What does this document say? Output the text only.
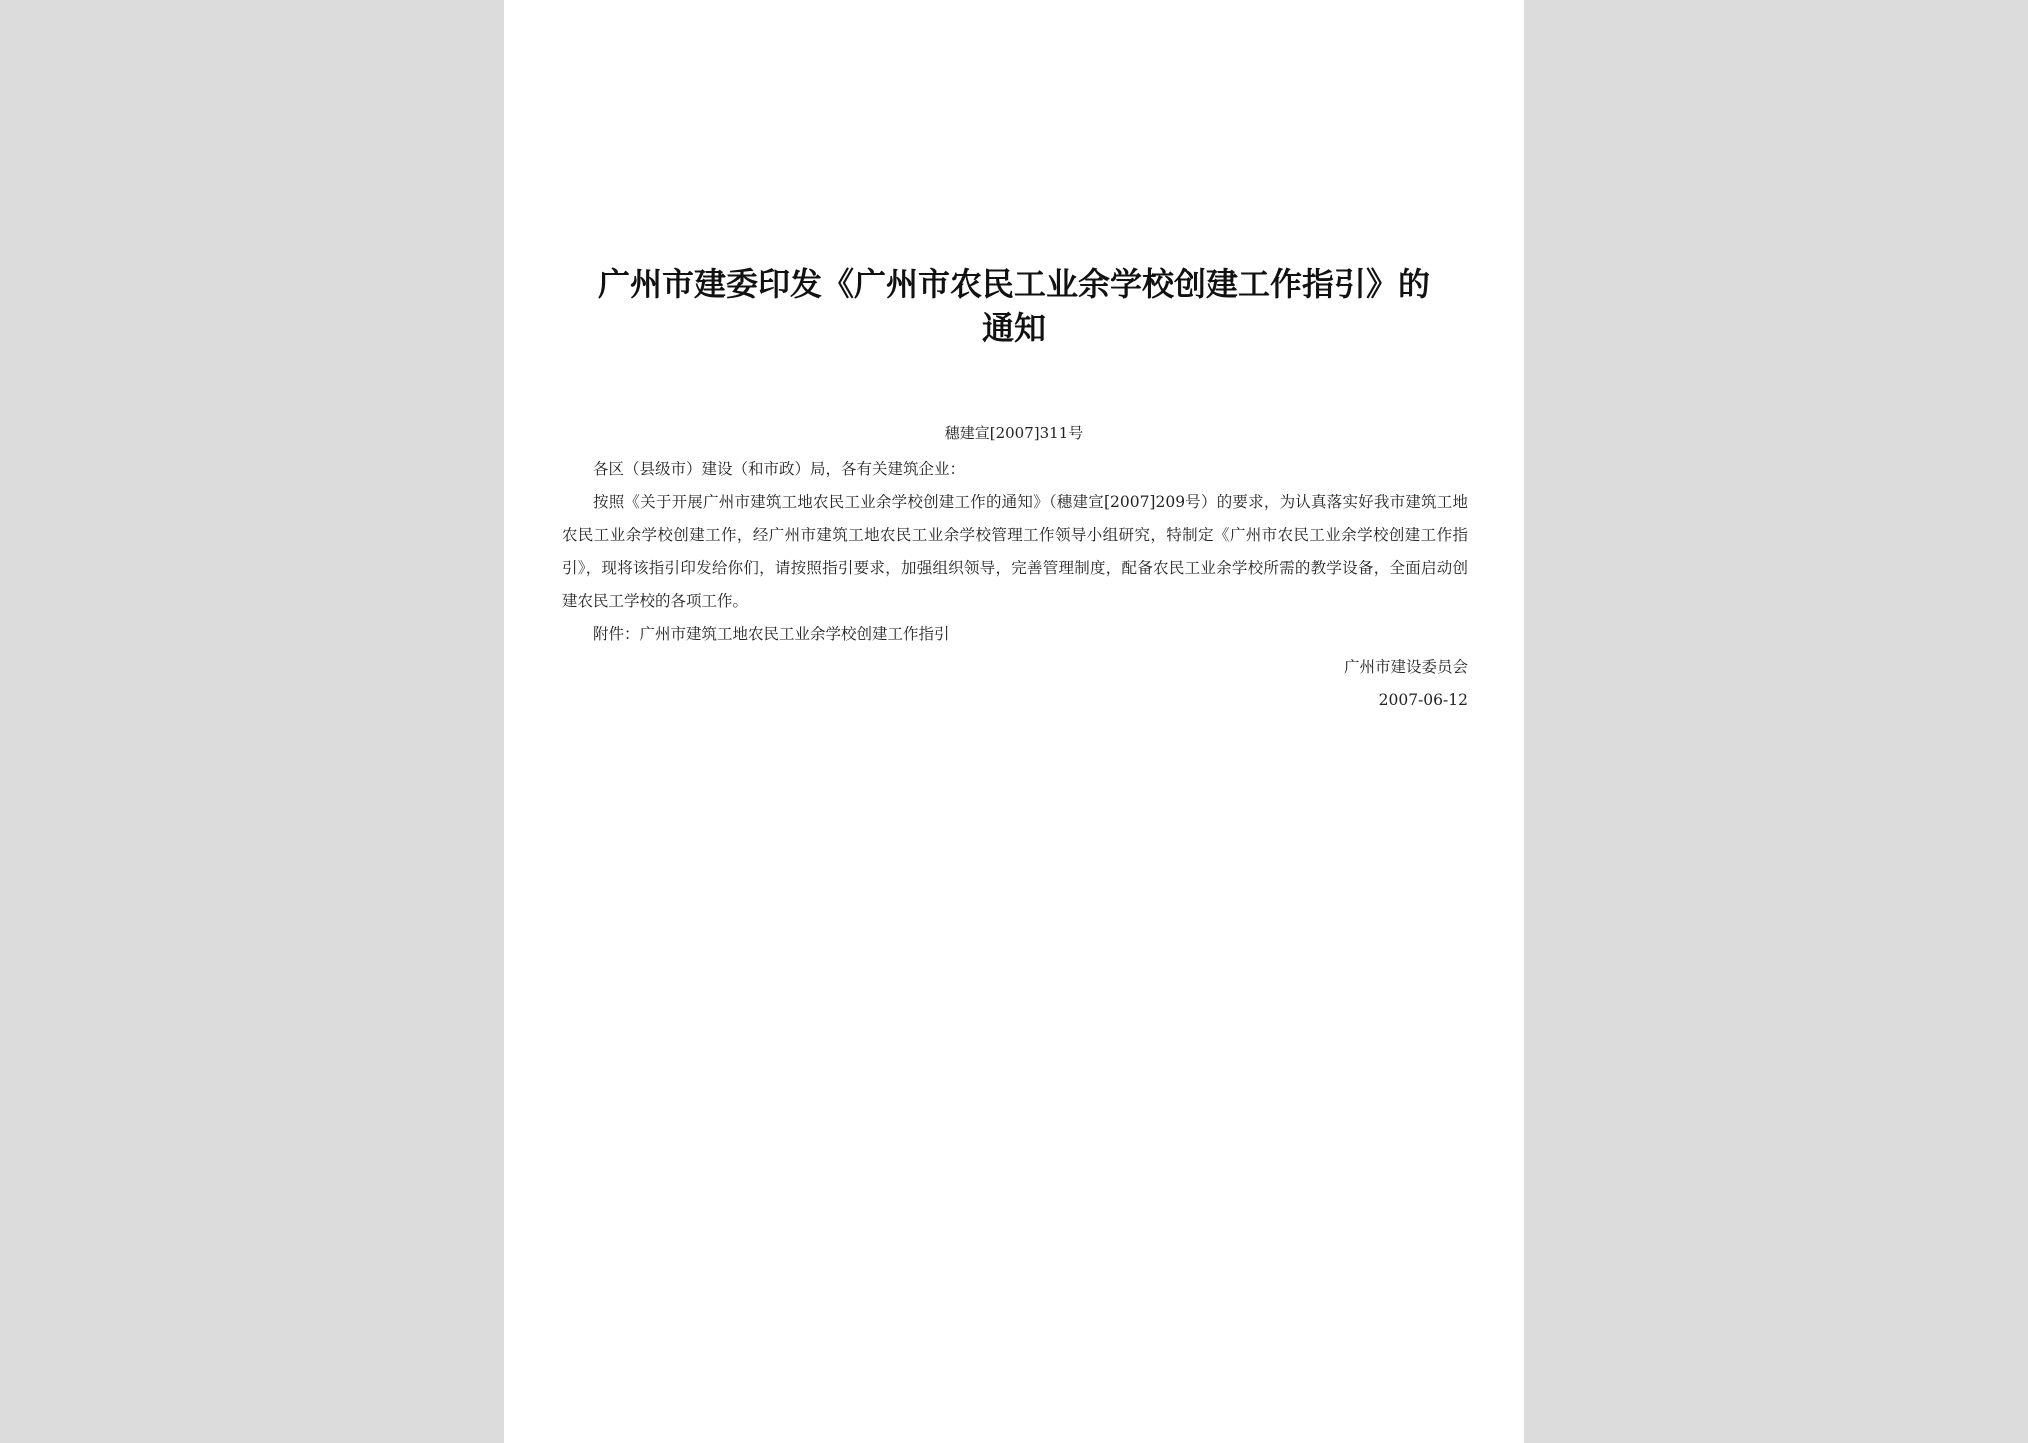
广州市建委印发《广州市农民工业余学校创建工作指引》的通知
穗建宣[2007]311号

各区（县级市）建设（和市政）局，各有关建筑企业：

按照《关于开展广州市建筑工地农民工业余学校创建工作的通知》（穗建宣[2007]209号）的要求，为认真落实好我市建筑工地农民工业余学校创建工作，经广州市建筑工地农民工业余学校管理工作领导小组研究，特制定《广州市农民工业余学校创建工作指引》，现将该指引印发给你们，请按照指引要求，加强组织领导，完善管理制度，配备农民工业余学校所需的教学设备，全面启动创建农民工学校的各项工作。

附件：广州市建筑工地农民工业余学校创建工作指引

广州市建设委员会

2007-06-12
